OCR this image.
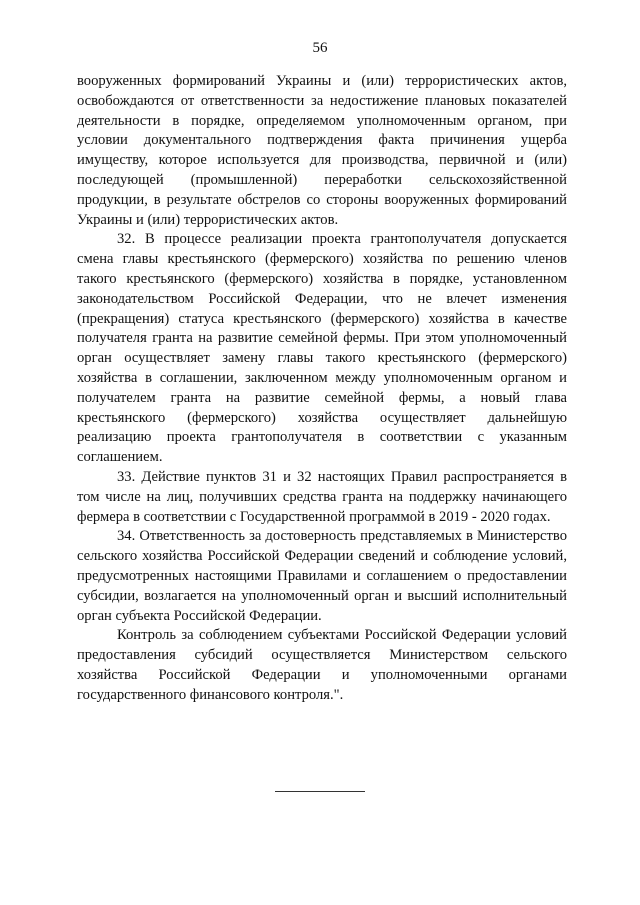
56

вооруженных формирований Украины и (или) террористических актов, освобождаются от ответственности за недостижение плановых показателей деятельности в порядке, определяемом уполномоченным органом, при условии документального подтверждения факта причинения ущерба имуществу, которое используется для производства, первичной и (или) последующей (промышленной) переработки сельскохозяйственной продукции, в результате обстрелов со стороны вооруженных формирований Украины и (или) террористических актов.

32. В процессе реализации проекта грантополучателя допускается смена главы крестьянского (фермерского) хозяйства по решению членов такого крестьянского (фермерского) хозяйства в порядке, установленном законодательством Российской Федерации, что не влечет изменения (прекращения) статуса крестьянского (фермерского) хозяйства в качестве получателя гранта на развитие семейной фермы. При этом уполномоченный орган осуществляет замену главы такого крестьянского (фермерского) хозяйства в соглашении, заключенном между уполномоченным органом и получателем гранта на развитие семейной фермы, а новый глава крестьянского (фермерского) хозяйства осуществляет дальнейшую реализацию проекта грантополучателя в соответствии с указанным соглашением.

33. Действие пунктов 31 и 32 настоящих Правил распространяется в том числе на лиц, получивших средства гранта на поддержку начинающего фермера в соответствии с Государственной программой в 2019 - 2020 годах.

34. Ответственность за достоверность представляемых в Министерство сельского хозяйства Российской Федерации сведений и соблюдение условий, предусмотренных настоящими Правилами и соглашением о предоставлении субсидии, возлагается на уполномоченный орган и высший исполнительный орган субъекта Российской Федерации.

Контроль за соблюдением субъектами Российской Федерации условий предоставления субсидий осуществляется Министерством сельского хозяйства Российской Федерации и уполномоченными органами государственного финансового контроля.".
